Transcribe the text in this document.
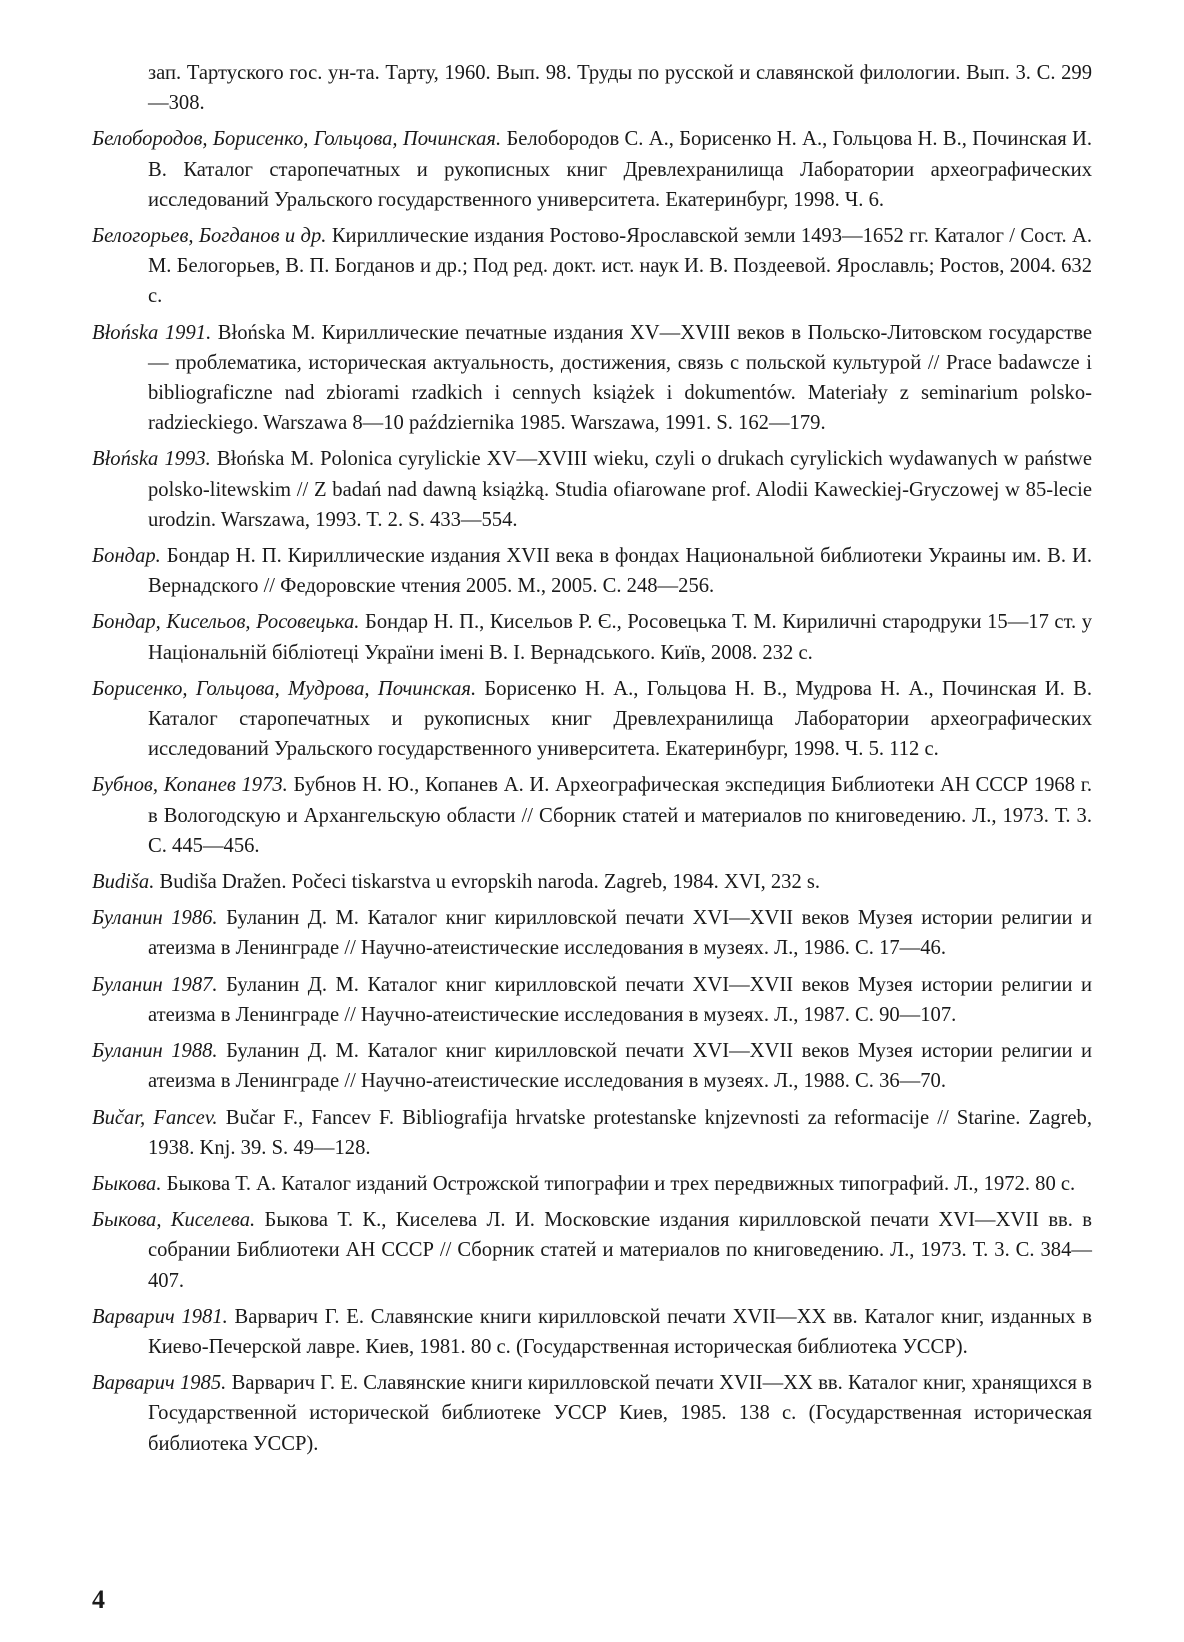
зап. Тартуского гос. ун-та. Тарту, 1960. Вып. 98. Труды по русской и славянской филологии. Вып. 3. С. 299—308.

Белобородов, Борисенко, Гольцова, Починская. Белобородов С. А., Борисенко Н. А., Гольцова Н. В., Починская И. В. Каталог старопечатных и рукописных книг Древлехранилища Лаборатории археографических исследований Уральского государственного университета. Екатеринбург, 1998. Ч. 6.

Белогорьев, Богданов и др. Кириллические издания Ростово-Ярославской земли 1493—1652 гг. Каталог / Сост. А. М. Белогорьев, В. П. Богданов и др.; Под ред. докт. ист. наук И. В. Поздеевой. Ярославль; Ростов, 2004. 632 с.

Błońska 1991. Błońska M. Кириллические печатные издания XV—XVIII веков в Польско-Литовском государстве — проблематика, историческая актуальность, достижения, связь с польской культурой // Prace badawcze i bibliograficzne nad zbiorami rzadkich i cennych książek i dokumentów. Materiały z seminarium polsko-radzieckiego. Warszawa 8—10 października 1985. Warszawa, 1991. S. 162—179.

Błońska 1993. Błońska M. Polonica cyrylickie XV—XVIII wieku, czyli o drukach cyrylickich wydawanych w państwe polsko-litewskim // Z badań nad dawną książką. Studia ofiarowane prof. Alodii Kaweckiej-Gryczowej w 85-lecie urodzin. Warszawa, 1993. T. 2. S. 433—554.

Бондар. Бондар Н. П. Кириллические издания XVII века в фондах Национальной библиотеки Украины им. В. И. Вернадского // Федоровские чтения 2005. М., 2005. С. 248—256.

Бондар, Кисельов, Росовецька. Бондар Н. П., Кисельов Р. Є., Росовецька Т. М. Кириличні стародруки 15—17 ст. у Національній бібліотеці України імені В. І. Вернадського. Київ, 2008. 232 с.

Борисенко, Гольцова, Мудрова, Починская. Борисенко Н. А., Гольцова Н. В., Мудрова Н. А., Починская И. В. Каталог старопечатных и рукописных книг Древлехранилища Лаборатории археографических исследований Уральского государственного университета. Екатеринбург, 1998. Ч. 5. 112 с.

Бубнов, Копанев 1973. Бубнов Н. Ю., Копанев А. И. Археографическая экспедиция Библиотеки АН СССР 1968 г. в Вологодскую и Архангельскую области // Сборник статей и материалов по книговедению. Л., 1973. Т. 3. С. 445—456.

Budiša. Budiša Dražen. Počeci tiskarstva u evropskih naroda. Zagreb, 1984. XVI, 232 s.

Буланин 1986. Буланин Д. М. Каталог книг кирилловской печати XVI—XVII веков Музея истории религии и атеизма в Ленинграде // Научно-атеистические исследования в музеях. Л., 1986. С. 17—46.

Буланин 1987. Буланин Д. М. Каталог книг кирилловской печати XVI—XVII веков Музея истории религии и атеизма в Ленинграде // Научно-атеистические исследования в музеях. Л., 1987. С. 90—107.

Буланин 1988. Буланин Д. М. Каталог книг кирилловской печати XVI—XVII веков Музея истории религии и атеизма в Ленинграде // Научно-атеистические исследования в музеях. Л., 1988. С. 36—70.

Bučar, Fancev. Bučar F., Fancev F. Bibliografija hrvatske protestanske knjzevnosti za reformacije // Starine. Zagreb, 1938. Knj. 39. S. 49—128.

Быкова. Быкова Т. А. Каталог изданий Острожской типографии и трех передвижных типографий. Л., 1972. 80 с.

Быкова, Киселева. Быкова Т. К., Киселева Л. И. Московские издания кирилловской печати XVI—XVII вв. в собрании Библиотеки АН СССР // Сборник статей и материалов по книговедению. Л., 1973. Т. 3. С. 384—407.

Варварич 1981. Варварич Г. Е. Славянские книги кирилловской печати XVII—XX вв. Каталог книг, изданных в Киево-Печерской лавре. Киев, 1981. 80 с. (Государственная историческая библиотека УССР).

Варварич 1985. Варварич Г. Е. Славянские книги кирилловской печати XVII—XX вв. Каталог книг, хранящихся в Государственной исторической библиотеке УССР Киев, 1985. 138 с. (Государственная историческая библиотека УССР).

4
